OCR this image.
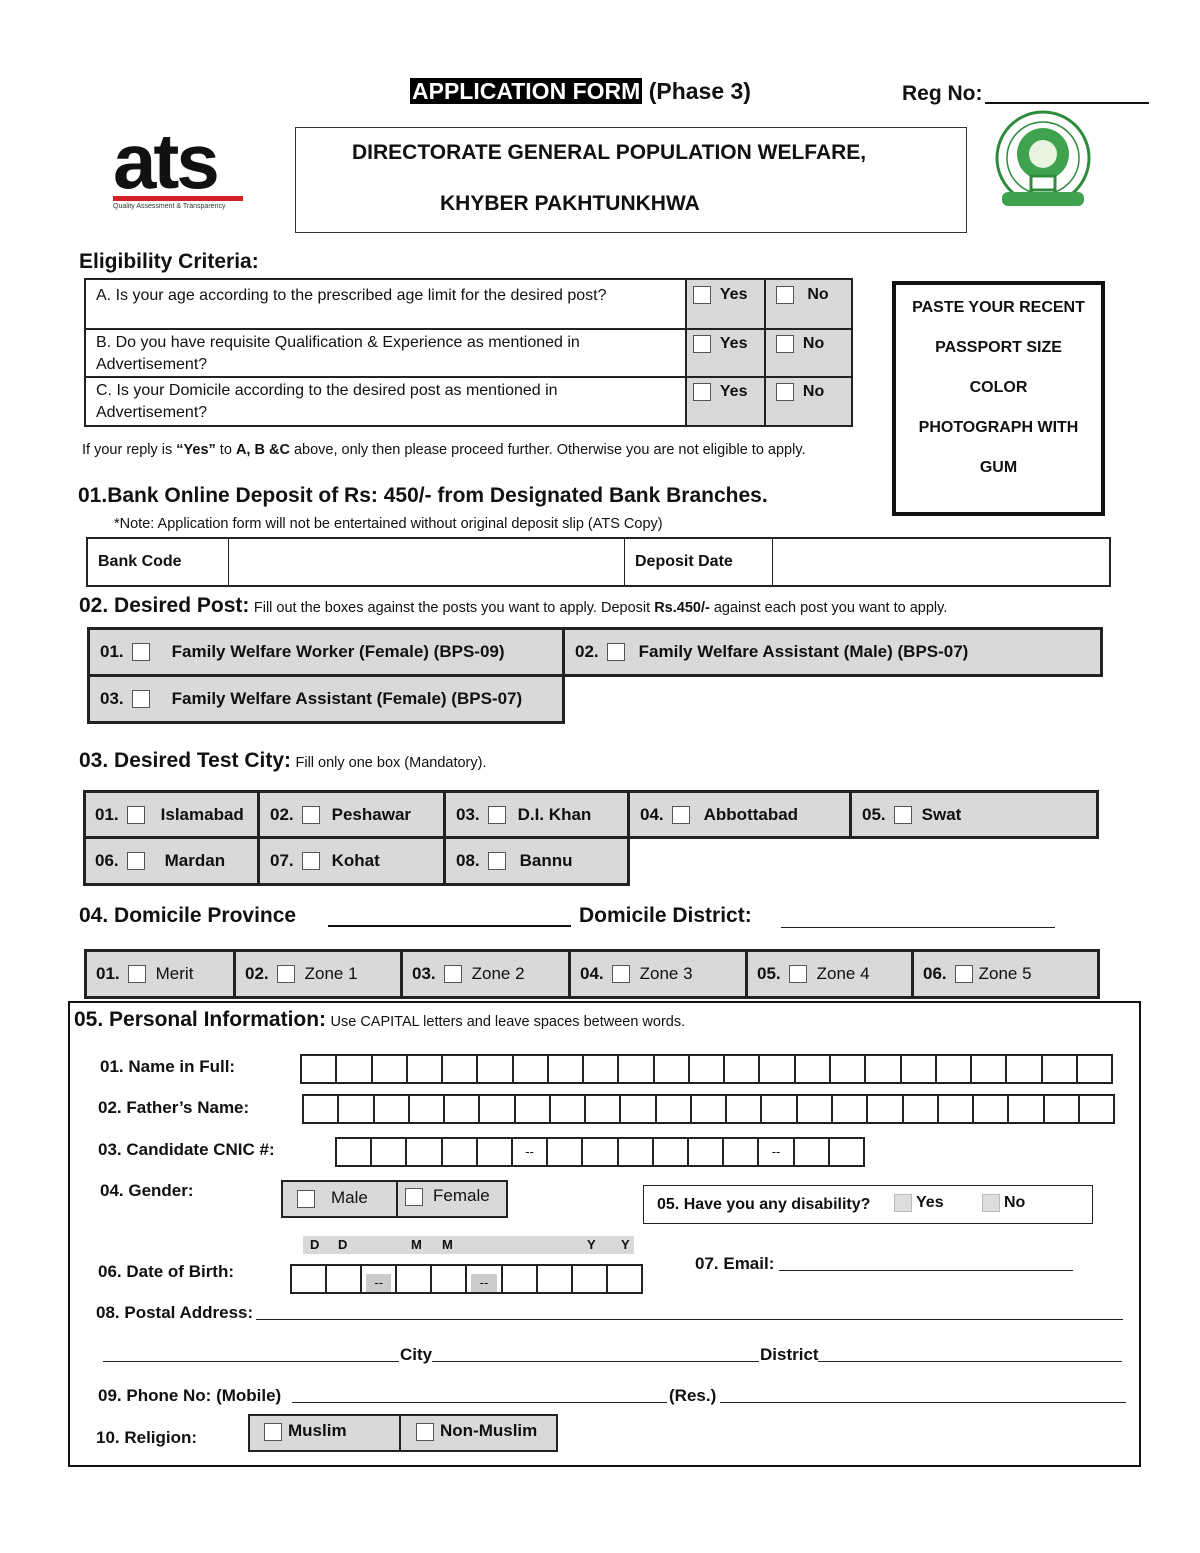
APPLICATION FORM (Phase 3)	Reg No:
ats
Quality Assessment & Transparency
DIRECTORATE GENERAL POPULATION WELFARE,
KHYBER PAKHTUNKHWA
Eligibility Criteria:
A. Is your age according to the prescribed age limit for the desired post?	Yes	No
B. Do you have requisite Qualification & Experience as mentioned in Advertisement?
Yes	No
C. Is your Domicile according to the desired post as mentioned in Advertisement?
Yes	No
If your reply is “Yes” to A, B &C above, only then please proceed further. Otherwise you are not eligible to apply.
PASTE YOUR RECENT
PASSPORT SIZE
COLOR
PHOTOGRAPH WITH
GUM
01.Bank Online Deposit of Rs: 450/- from Designated Bank Branches.
*Note: Application form will not be entertained without original deposit slip (ATS Copy)
Bank Code	Deposit Date
02. Desired Post: Fill out the boxes against the posts you want to apply. Deposit Rs.450/- against each post you want to apply.
01.	Family Welfare Worker (Female) (BPS-09)	02. Family Welfare Assistant (Male) (BPS-07)
03.	Family Welfare Assistant (Female) (BPS-07)
03. Desired Test City: Fill only one box (Mandatory).
01. Islamabad 02. Peshawar	03. D.I. Khan	04. Abbottabad	05. Swat
06.	Mardan	07. Kohat	08. Bannu
04. Domicile Province	Domicile District:
01. Merit	02. Zone 1	03. Zone 2	04. Zone 3	05. Zone 4	06. Zone 5
05. Personal Information: Use CAPITAL letters and leave spaces between words.
01. Name in Full:
02. Father’s Name:
03. Candidate CNIC #:	--	--
04. Gender:	Male	Female	05. Have you any disability?	Yes	No
D D	M M	Y Y
06. Date of Birth:
--	--
07. Email:
08. Postal Address:
City	District
09. Phone No: (Mobile)	(Res.)
10. Religion:	Muslim	Non-Muslim
